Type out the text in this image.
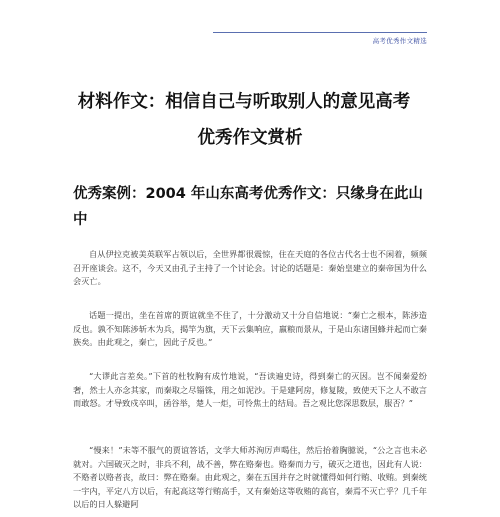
高考优秀作文精选
材料作文：相信自己与听取别人的意见高考
优秀作文赏析
优秀案例：2004 年山东高考优秀作文：只缘身在此山中

自从伊拉克被美英联军占领以后，全世界都很震惊，住在天庭的各位古代名士也不闲着，频频召开座谈会。这不，今天又由孔子主持了一个讨论会。讨论的话题是：秦始皇建立的秦帝国为什么会灭亡。

话题一提出，坐在首席的贾谊就坐不住了，十分激动又十分自信地说：“秦亡之根本，陈涉造反也。孰不知陈涉斩木为兵，揭竿为旗，天下云集响应，嬴粮而景从，于是山东诸国蜂并起而亡秦族矣。由此观之，秦亡，因此子反也。”

“大谬此言差矣。”下首的杜牧胸有成竹地说，“吾读遍史诗，得到秦亡的灭因。岂不闻秦爱纷奢，然士人亦念其家，而秦取之尽锱铢，用之如泥沙。于是建阿房，修复陵，致使天下之人不敢言而敢怒。才导致戍卒叫，函谷举，楚人一炬，可怜焦土的结局。吾之观比您深思数层，服否？”

“慢来！”未等不服气的贾谊答话，文学大师苏洵厉声喝住，然后抬着胸臆说，“公之言也未必就对。六国破灭之时，非兵不利，战不善，弊在赂秦也。赂秦而力亏，破灭之道也，因此有人说：不赂者以赂者丧，故曰：弊在赂秦。由此观之，秦在五国并存之时就懂得如何行贿、收贿。到秦统一宇内，平定八方以后，有起高这等行贿高手，又有秦始这等收贿的高官，秦焉不灭亡乎？几千年以后的日人躲避阿
